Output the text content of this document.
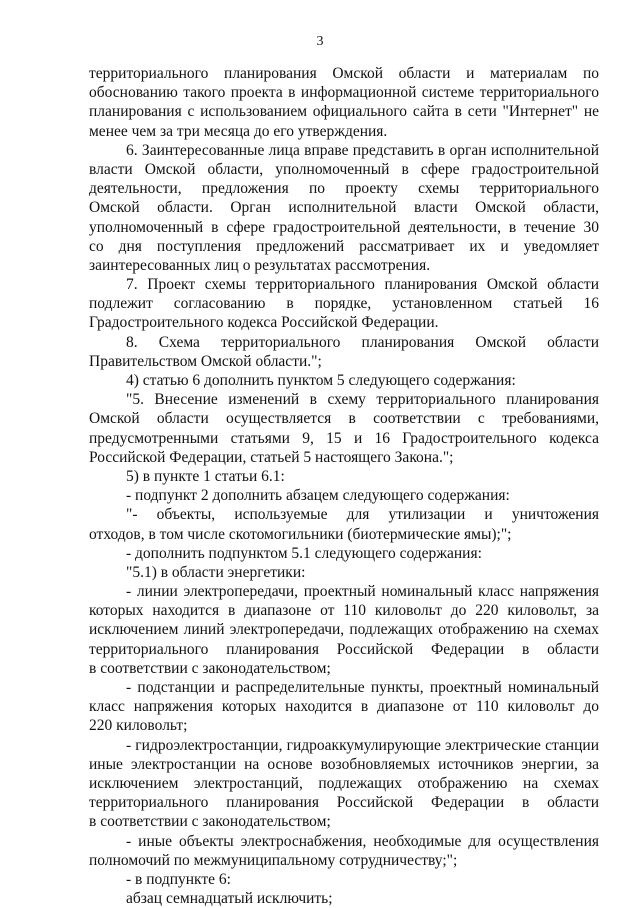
3
территориального планирования Омской области и материалам по
обоснованию такого проекта в информационной системе территориального
планирования с использованием официального сайта в сети "Интернет" не
менее чем за три месяца до его утверждения.
6. Заинтересованные лица вправе представить в орган исполнительной
власти Омской области, уполномоченный в сфере градостроительной
деятельности, предложения по проекту схемы территориального
Омской области. Орган исполнительной власти Омской области,
уполномоченный в сфере градостроительной деятельности, в течение 30
со дня поступления предложений рассматривает их и уведомляет
заинтересованных лиц о результатах рассмотрения.
7. Проект схемы территориального планирования Омской области
подлежит согласованию в порядке, установленном статьей 16
Градостроительного кодекса Российской Федерации.
8. Схема территориального планирования Омской области
Правительством Омской области.";
4) статью 6 дополнить пунктом 5 следующего содержания:
"5. Внесение изменений в схему территориального планирования
Омской области осуществляется в соответствии с требованиями,
предусмотренными статьями 9, 15 и 16 Градостроительного кодекса
Российской Федерации, статьей 5 настоящего Закона.";
5) в пункте 1 статьи 6.1:
- подпункт 2 дополнить абзацем следующего содержания:
"- объекты, используемые для утилизации и уничтожения
отходов, в том числе скотомогильники (биотермические ямы);";
- дополнить подпунктом 5.1 следующего содержания:
"5.1) в области энергетики:
- линии электропередачи, проектный номинальный класс напряжения
которых находится в диапазоне от 110 киловольт до 220 киловольт, за
исключением линий электропередачи, подлежащих отображению на схемах
территориального планирования Российской Федерации в области
в соответствии с законодательством;
- подстанции и распределительные пункты, проектный номинальный
класс напряжения которых находится в диапазоне от 110 киловольт до
220 киловольт;
- гидроэлектростанции, гидроаккумулирующие электрические станции
иные электростанции на основе возобновляемых источников энергии, за
исключением электростанций, подлежащих отображению на схемах
территориального планирования Российской Федерации в области
в соответствии с законодательством;
- иные объекты электроснабжения, необходимые для осуществления
полномочий по межмуниципальному сотрудничеству;";
- в подпункте 6:
абзац семнадцатый исключить;
